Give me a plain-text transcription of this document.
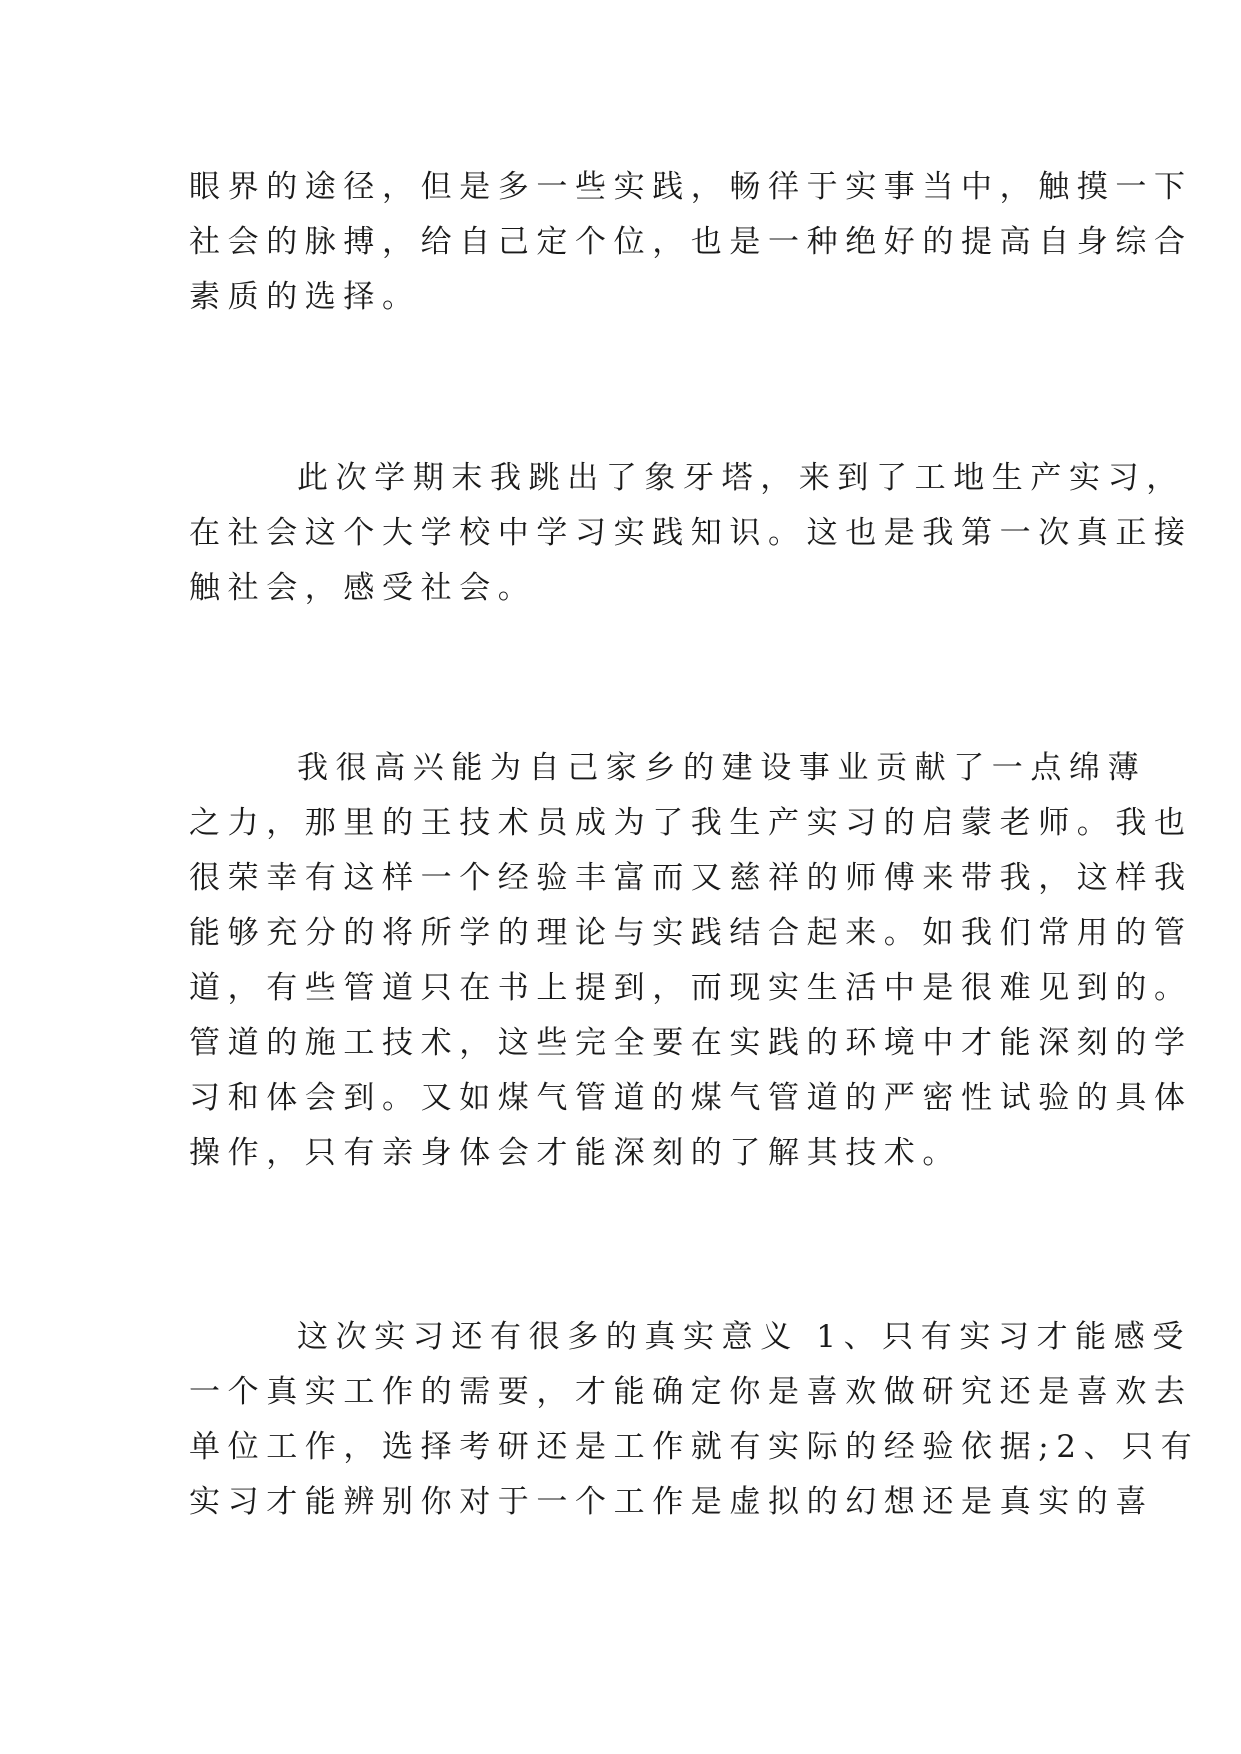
眼界的途径，但是多一些实践，畅徉于实事当中，触摸一下
社会的脉搏，给自己定个位，也是一种绝好的提高自身综合
素质的选择。
此次学期末我跳出了象牙塔，来到了工地生产实习，
在社会这个大学校中学习实践知识。这也是我第一次真正接
触社会，感受社会。
我很高兴能为自己家乡的建设事业贡献了一点绵薄
之力，那里的王技术员成为了我生产实习的启蒙老师。我也
很荣幸有这样一个经验丰富而又慈祥的师傅来带我，这样我
能够充分的将所学的理论与实践结合起来。如我们常用的管
道，有些管道只在书上提到，而现实生活中是很难见到的。
管道的施工技术，这些完全要在实践的环境中才能深刻的学
习和体会到。又如煤气管道的煤气管道的严密性试验的具体
操作，只有亲身体会才能深刻的了解其技术。
这次实习还有很多的真实意义 1、只有实习才能感受
一个真实工作的需要，才能确定你是喜欢做研究还是喜欢去
单位工作，选择考研还是工作就有实际的经验依据;2、只有
实习才能辨别你对于一个工作是虚拟的幻想还是真实的喜
